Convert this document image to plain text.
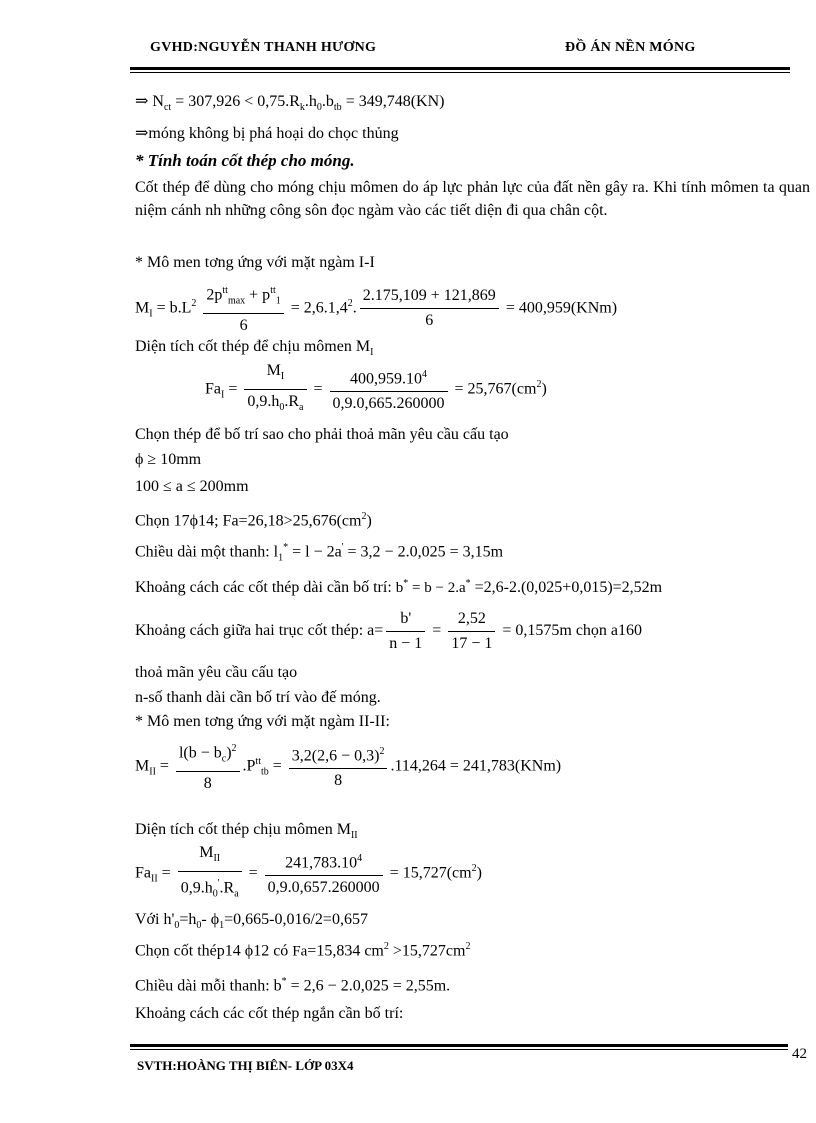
GVHD:NGUYỄN THANH HƯƠNG	ĐỒ ÁN NỀN MÓNG
⇒ $N_{ct} = 307,926 < 0,75.R_k.h_0.b_{tb} = 349,748(KN)$
⇒móng không bị phá hoại do chọc thủng
* Tính toán cốt thép cho móng.
Cốt thép để dùng cho móng chịu mômen do áp lực phản lực của đất nền gây ra. Khi tính mômen ta quan niệm cánh nh những công sôn đọc ngàm vào các tiết diện đi qua chân cột.
* Mô men tơng ứng với mặt ngàm I-I
$M_I = b.L^2 \frac{2p^{tt}_{max} + p^{tt}_1}{6} = 2,6.1,4^2$. $\frac{2.175,109 + 121,869}{6} = 400,959(KNm)$
Diện tích cốt thép để chịu mômen $M_I$
$Fa_I = \frac{M_I}{0,9.h_0.R_a} = \frac{400,959.10^4}{0,9.0,665.260000} = 25,767(cm^2)$
Chọn thép để bố trí sao cho phải thoả mãn yêu cầu cấu tạo
ϕ ≥ 10mm
100 ≤ a ≤ 200mm
Chọn 17ϕ14; $Fa=26,18>25,676(cm^2)$
Chiều dài một thanh: $l_1^* = l - 2a' = 3,2 - 2.0,025 = 3,15m$
Khoảng cách các cốt thép dài cần bố trí: b* = b − 2.a* =2,6-2.(0,025+0,015)=2,52m
Khoảng cách giữa hai trục cốt thép: $a= \frac{b'}{n - 1} = \frac{2,52}{17 - 1} = 0,1575m$ chọn a160
thoả mãn yêu cầu cấu tạo
n-số thanh dài cần bố trí vào đế móng.
* Mô men tơng ứng với mặt ngàm II-II:
$M_{II} = \frac{l(b - b_c)^2}{8} .P^{tt}_{tb} = \frac{3,2(2,6 - 0,3)^2}{8} .114,264 = 241,783(KNm)$
Diện tích cốt thép chịu mômen $M_{II}$
$Fa_{II} = \frac{M_{II}}{0,9.h_0'.R_a} = \frac{241,783.10^4}{0,9.0,657.260000} = 15,727(cm^2)$
Với $h'_0=h_0-$ $\phi_1=0,665-0,016/2=0,657$
Chọn cốt thép14 ϕ12 có Fa=15,834 $cm^2 >15,727cm^2$
Chiều dài mỗi thanh: b* = 2,6 − 2.0,025 = 2,55m.
Khoảng cách các cốt thép ngắn cần bố trí:
SVTH:HOÀNG THỊ BIÊN- LỚP 03X4
42
